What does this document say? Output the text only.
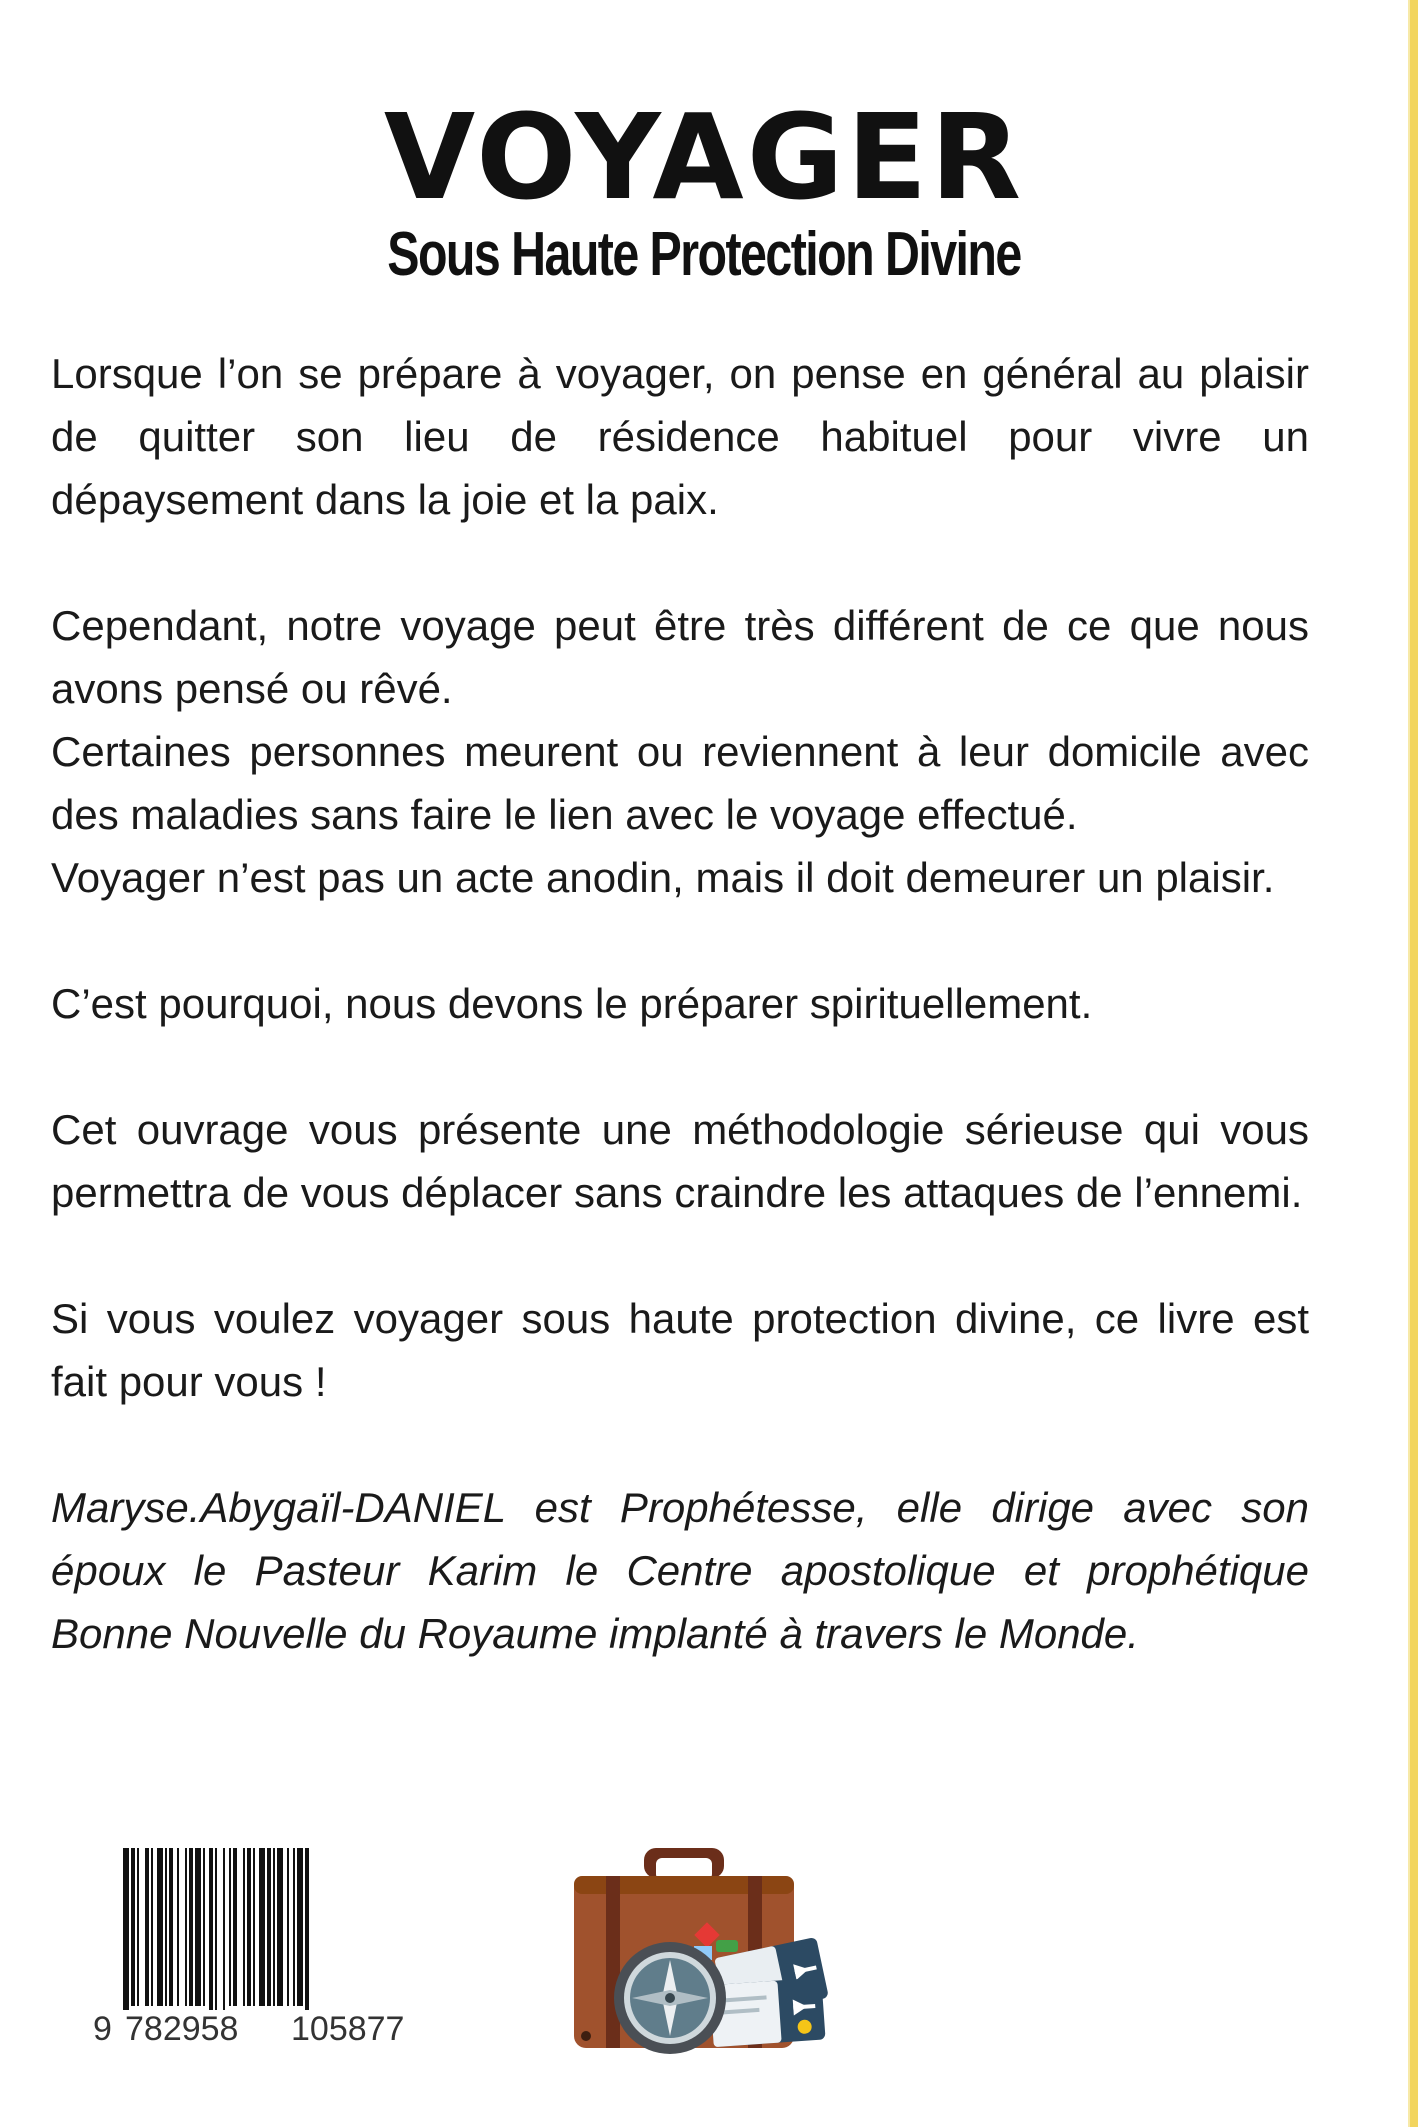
VOYAGER
Sous Haute Protection Divine

Lorsque l’on se prépare à voyager, on pense en général au plaisir de quitter son lieu de résidence habituel pour vivre un dépaysement dans la joie et la paix.

Cependant, notre voyage peut être très différent de ce que nous avons pensé ou rêvé.

Certaines personnes meurent ou reviennent à leur domicile avec des maladies sans faire le lien avec le voyage effectué.

Voyager n’est pas un acte anodin, mais il doit demeurer un plaisir.

C’est pourquoi, nous devons le préparer spirituellement.

Cet ouvrage vous présente une méthodologie sérieuse qui vous permettra de vous déplacer sans craindre les attaques de l’ennemi.

Si vous voulez voyager sous haute protection divine, ce livre est fait pour vous !

Maryse.Abygaïl-DANIEL est Prophétesse, elle dirige avec son époux le Pasteur Karim le Centre apostolique et prophétique Bonne Nouvelle du Royaume implanté à travers le Monde.

9 782958 105877
